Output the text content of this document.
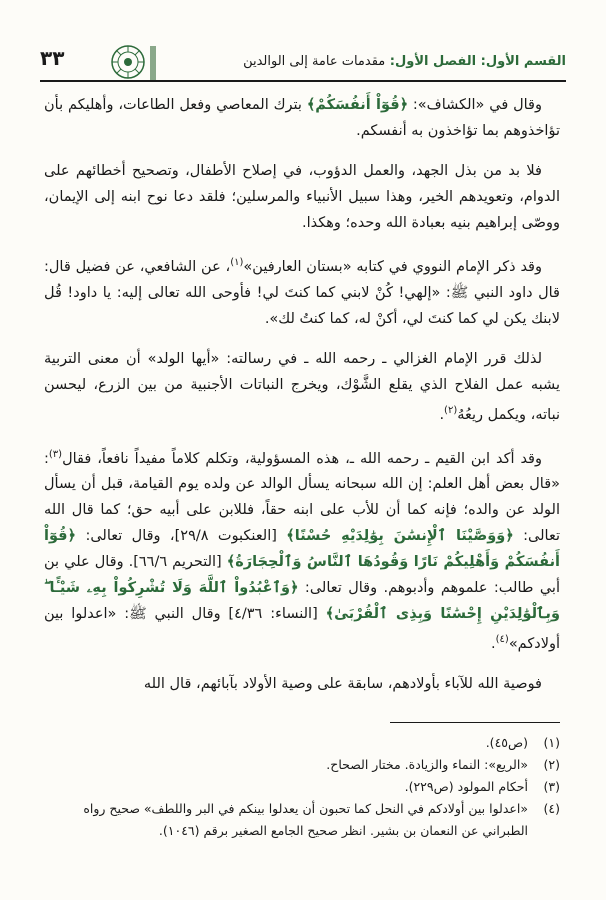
٣٣	القسم الأول: الفصل الأول: مقدمات عامة إلى الوالدين

وقال في «الكشاف»: ﴿قُوٓاْ أَنفُسَكُمْ﴾ بترك المعاصي وفعل الطاعات، وأهليكم بأن تؤاخذوهم بما تؤاخذون به أنفسكم.

فلا بد من بذل الجهد، والعمل الدؤوب، في إصلاح الأطفال، وتصحيح أخطائهم على الدوام، وتعويدهم الخير، وهذا سبيل الأنبياء والمرسلين؛ فلقد دعا نوح ابنه إلى الإيمان، ووصّى إبراهيم بنيه بعبادة الله وحده؛ وهكذا.

وقد ذكر الإمام النووي في كتابه «بستان العارفين»$^{(١)}$، عن الشافعي، عن فضيل قال: قال داود النبي ﷺ: «إلهي! كُنْ لابني كما كنتَ لي! فأوحى الله تعالى إليه: يا داود! قُل لابنك يكن لي كما كنتَ لي، أكنْ له، كما كنتُ لك».

لذلك قرر الإمام الغزالي ـ رحمه الله ـ في رسالته: «أيها الولد» أن معنى التربية يشبه عمل الفلاح الذي يقلع الشَّوْك، ويخرج النباتات الأجنبية من بين الزرع، ليحسن نباته، ويكمل ريعُهُ$^{(٢)}$.

وقد أكد ابن القيم ـ رحمه الله ـ، هذه المسؤولية، وتكلم كلاماً مفيداً نافعاً، فقال$^{(٣)}$: «قال بعض أهل العلم: إن الله سبحانه يسأل الوالد عن ولده يوم القيامة، قبل أن يسأل الولد عن والده؛ فإنه كما أن للأب على ابنه حقاً، فللابن على أبيه حق؛ كما قال الله تعالى: ﴿وَوَصَّيْنَا ٱلْإِنسَٰنَ بِوَٰلِدَيْهِ حُسْنًا﴾ [العنكبوت ٢٩/٨]، وقال تعالى: ﴿قُوٓاْ أَنفُسَكُمْ وَأَهْلِيكُمْ نَارًا وَقُودُهَا ٱلنَّاسُ وَٱلْحِجَارَةُ﴾ [التحريم ٦٦/٦]. وقال علي بن أبي طالب: علموهم وأدبوهم. وقال تعالى: ﴿وَٱعْبُدُواْ ٱللَّهَ وَلَا تُشْرِكُواْ بِهِۦ شَيْـًٔا ۖ وَبِٱلْوَٰلِدَيْنِ إِحْسَٰنًا وَبِذِى ٱلْقُرْبَىٰ﴾ [النساء: ٤/٣٦] وقال النبي ﷺ: «اعدلوا بين أولادكم»$^{(٤)}$.

فوصية الله للآباء بأولادهم، سابقة على وصية الأولاد بآبائهم، قال الله

(١)
(ص٤٥).

(٢)
«الريع»: النماء والزيادة. مختار الصحاح.

(٣)
أحكام المولود (ص٢٢٩).

(٤)
«اعدلوا بين أولادكم في النحل كما تحبون أن يعدلوا بينكم في البر واللطف» صحيح رواه الطبراني عن النعمان بن بشير. انظر صحيح الجامع الصغير برقم (١٠٤٦).
